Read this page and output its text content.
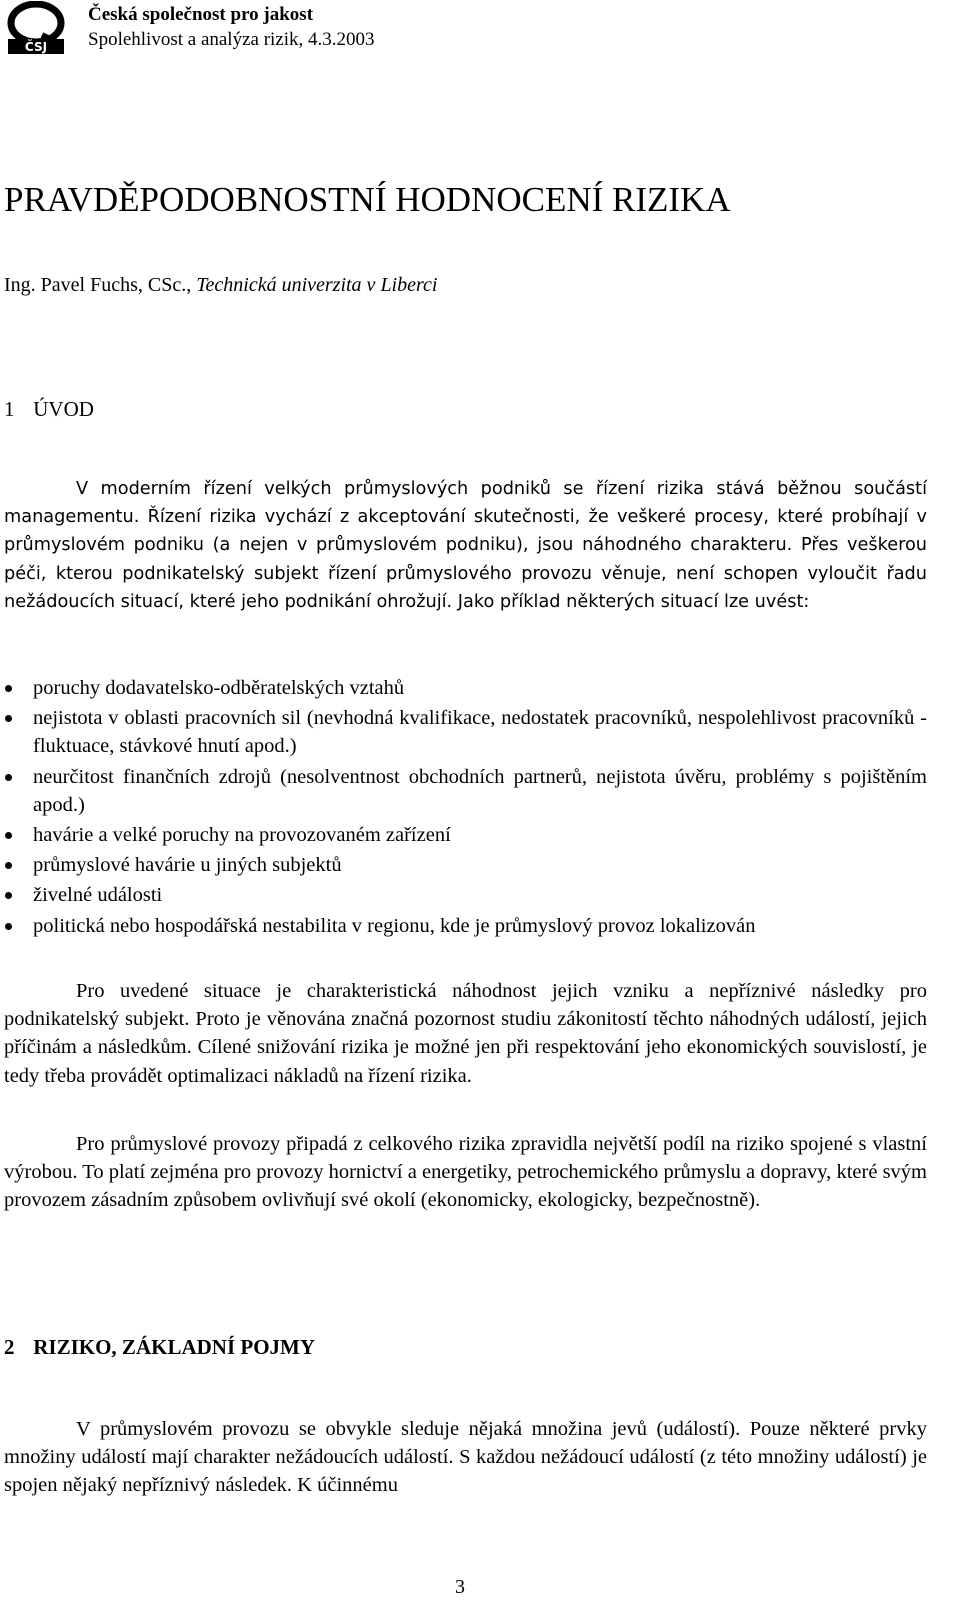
ČSJ
Česká společnost pro jakost
Spolehlivost a analýza rizik, 4.3.2003
PRAVDĚPODOBNOSTNÍ HODNOCENÍ RIZIKA
Ing. Pavel Fuchs, CSc., Technická univerzita v Liberci
1 ÚVOD

V moderním řízení velkých průmyslových podniků se řízení rizika stává běžnou součástí managementu. Řízení rizika vychází z akceptování skutečnosti, že veškeré procesy, které probíhají v průmyslovém podniku (a nejen v průmyslovém podniku), jsou náhodného charakteru. Přes veškerou péči, kterou podnikatelský subjekt řízení průmyslového provozu věnuje, není schopen vyloučit řadu nežádoucích situací, které jeho podnikání ohrožují. Jako příklad některých situací lze uvést:

poruchy dodavatelsko-odběratelských vztahů
nejistota v oblasti pracovních sil (nevhodná kvalifikace, nedostatek pracovníků, nespolehlivost pracovníků - fluktuace, stávkové hnutí apod.)
neurčitost finančních zdrojů (nesolventnost obchodních partnerů, nejistota úvěru, problémy s pojištěním apod.)
havárie a velké poruchy na provozovaném zařízení
průmyslové havárie u jiných subjektů
živelné události
politická nebo hospodářská nestabilita v regionu, kde je průmyslový provoz lokalizován

Pro uvedené situace je charakteristická náhodnost jejich vzniku a nepříznivé následky pro podnikatelský subjekt. Proto je věnována značná pozornost studiu zákonitostí těchto náhodných událostí, jejich příčinám a následkům. Cílené snižování rizika je možné jen při respektování jeho ekonomických souvislostí, je tedy třeba provádět optimalizaci nákladů na řízení rizika.

Pro průmyslové provozy připadá z celkového rizika zpravidla největší podíl na riziko spojené s vlastní výrobou. To platí zejména pro provozy hornictví a energetiky, petrochemického průmyslu a dopravy, které svým provozem zásadním způsobem ovlivňují své okolí (ekonomicky, ekologicky, bezpečnostně).

2 RIZIKO, ZÁKLADNÍ POJMY

V průmyslovém provozu se obvykle sleduje nějaká množina jevů (událostí). Pouze některé prvky množiny událostí mají charakter nežádoucích událostí. S každou nežádoucí událostí (z této množiny událostí) je spojen nějaký nepříznivý následek. K účinnému

3
